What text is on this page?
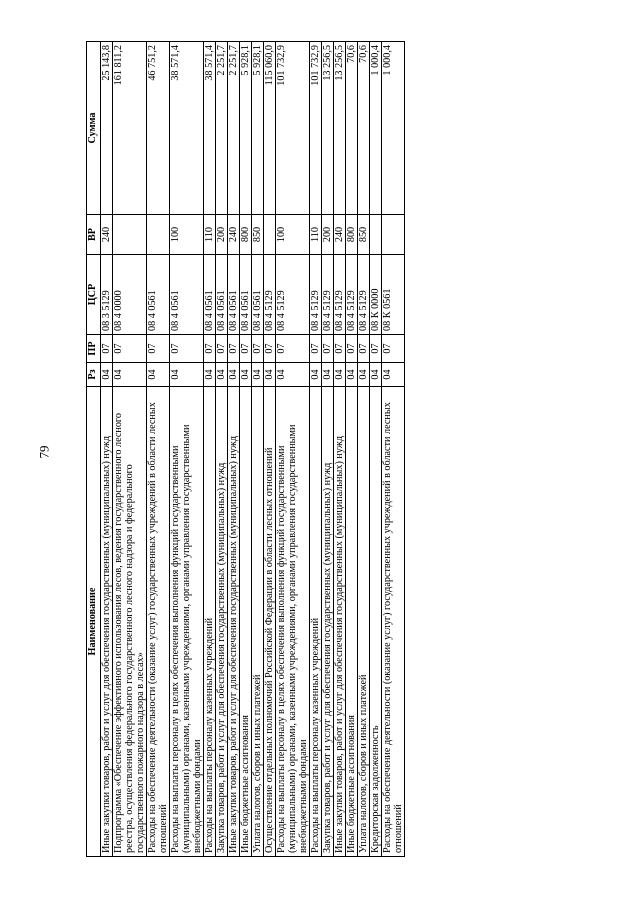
79
Наименование	Рз	ПР	ЦСР	ВР	Сумма
Иные закупки товаров, работ и услуг для обеспечения государственных (муниципальных) нужд	04	07	08 3 5129	240	25 143,8
Подпрограмма «Обеспечение эффективного использования лесов, ведения государственного лесного реестра, осуществления федерального государственного лесного надзора и федерального государственного пожарного надзора в лесах»	04	07	08 4 0000		161 811,2
Расходы на обеспечение деятельности (оказание услуг) государственных учреждений в области лесных отношений	04	07	08 4 0561		46 751,2
Расходы на выплаты персоналу в целях обеспечения выполнения функций государственными (муниципальными) органами, казенными учреждениями, органами управления государственными внебюджетными фондами	04	07	08 4 0561	100	38 571,4
Расходы на выплаты персоналу казенных учреждений	04	07	08 4 0561	110	38 571,4
Закупка товаров, работ и услуг для обеспечения государственных (муниципальных) нужд	04	07	08 4 0561	200	2 251,7
Иные закупки товаров, работ и услуг для обеспечения государственных (муниципальных) нужд	04	07	08 4 0561	240	2 251,7
Иные бюджетные ассигнования	04	07	08 4 0561	800	5 928,1
Уплата налогов, сборов и иных платежей	04	07	08 4 0561	850	5 928,1
Осуществление отдельных полномочий Российской Федерации в области лесных отношений	04	07	08 4 5129		115 060,0
Расходы на выплаты персоналу в целях обеспечения выполнения функций государственными (муниципальными) органами, казенными учреждениями, органами управления государственными внебюджетными фондами	04	07	08 4 5129	100	101 732,9
Расходы на выплаты персоналу казенных учреждений	04	07	08 4 5129	110	101 732,9
Закупка товаров, работ и услуг для обеспечения государственных (муниципальных) нужд	04	07	08 4 5129	200	13 256,5
Иные закупки товаров, работ и услуг для обеспечения государственных (муниципальных) нужд	04	07	08 4 5129	240	13 256,5
Иные бюджетные ассигнования	04	07	08 4 5129	800	70,6
Уплата налогов, сборов и иных платежей	04	07	08 4 5129	850	70,6
Кредиторская задолженность	04	07	08 К 0000		1 000,4
Расходы на обеспечение деятельности (оказание услуг) государственных учреждений в области лесных отношений	04	07	08 К 0561		1 000,4
